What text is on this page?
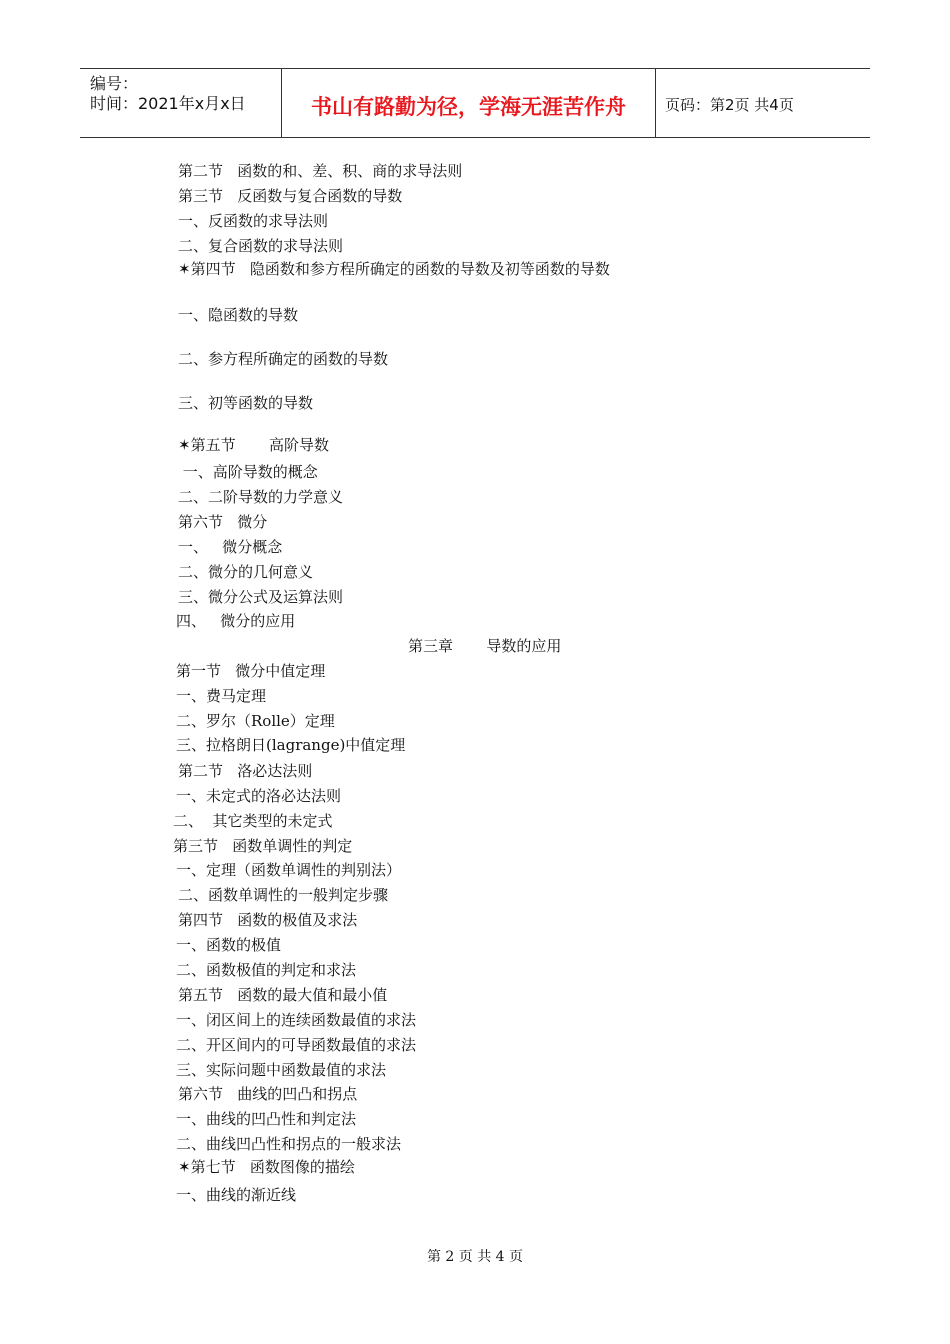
编号：
时间：2021年x月x日	书山有路勤为径，学海无涯苦作舟	页码：第2页 共4页
第二节   函数的和、差、积、商的求导法则
第三节   反函数与复合函数的导数
一、反函数的求导法则
二、复合函数的求导法则
✶第四节   隐函数和参方程所确定的函数的导数及初等函数的导数
一、隐函数的导数
二、参方程所确定的函数的导数
三、初等函数的导数
✶第五节       高阶导数
一、高阶导数的概念
二、二阶导数的力学意义
第六节   微分
一、   微分概念
二、微分的几何意义
三、微分公式及运算法则
四、   微分的应用
第三章       导数的应用
第一节   微分中值定理
一、费马定理
二、罗尔（Rolle）定理
三、拉格朗日(lagrange)中值定理
第二节   洛必达法则
一、未定式的洛必达法则
二、  其它类型的未定式
第三节   函数单调性的判定
一、定理（函数单调性的判别法）
二、函数单调性的一般判定步骤
第四节   函数的极值及求法
一、函数的极值
二、函数极值的判定和求法
第五节   函数的最大值和最小值
一、闭区间上的连续函数最值的求法
二、开区间内的可导函数最值的求法
三、实际问题中函数最值的求法
第六节   曲线的凹凸和拐点
一、曲线的凹凸性和判定法
二、曲线凹凸性和拐点的一般求法
✶第七节   函数图像的描绘
一、曲线的渐近线
第 2 页 共 4 页
